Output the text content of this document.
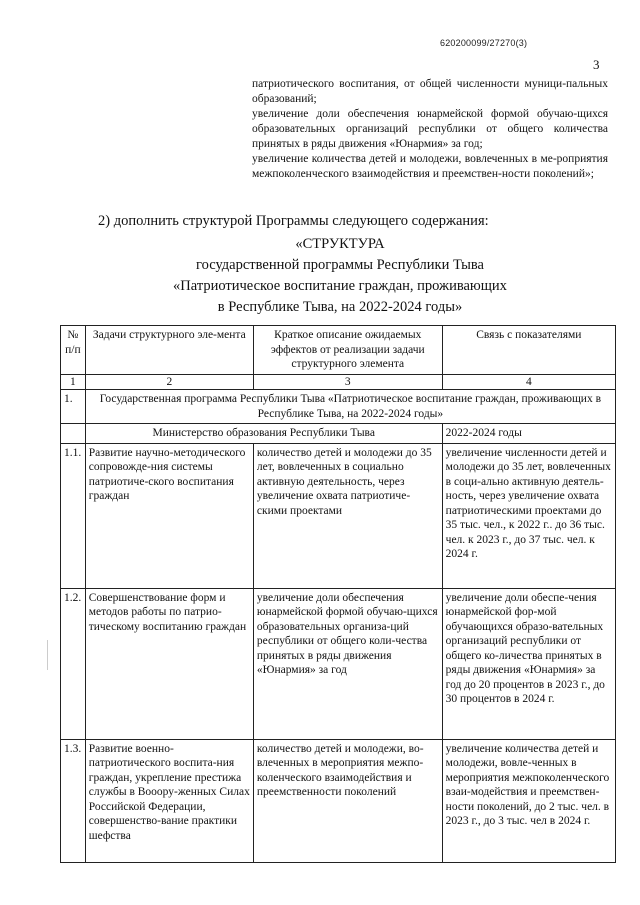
620200099/27270(3)
3

патриотического воспитания, от общей численности муници-пальных образований;

увеличение доли обеспечения юнармейской формой обучаю-щихся образовательных организаций республики от общего количества принятых в ряды движения «Юнармия» за год;

увеличение количества детей и молодежи, вовлеченных в ме-роприятия межпоколенческого взаимодействия и преемствен-ности поколений»;

2) дополнить структурой Программы следующего содержания:
«СТРУКТУРА
государственной программы Республики Тыва
«Патриотическое воспитание граждан, проживающих
в Республике Тыва, на 2022-2024 годы»
№ п/п	Задачи структурного эле-мента	Краткое описание ожидаемых эффектов от реализации задачи структурного элемента	Связь с показателями
1	2	3	4
1.	Государственная программа Республики Тыва «Патриотическое воспитание граждан, проживающих в Республике Тыва, на 2022-2024 годы»		
	Министерство образования Республики Тыва		2022-2024 годы
1.1.	Развитие научно-методического сопровожде-ния системы патриотиче-ского воспитания граждан	количество детей и молодежи до 35 лет, вовлеченных в социально активную деятельность, через увеличение охвата патриотиче-скими проектами	увеличение численности детей и молодежи до 35 лет, вовлеченных в соци-ально активную деятель-ность, через увеличение охвата патриотическими проектами до 35 тыс. чел., к 2022 г.. до 36 тыс. чел. к 2023 г., до 37 тыс. чел. к 2024 г.
1.2.	Совершенствование форм и методов работы по патрио-тическому воспитанию граждан	увеличение доли обеспечения юнармейской формой обучаю-щихся образовательных организа-ций республики от общего коли-чества принятых в ряды движения «Юнармия» за год	увеличение доли обеспе-чения юнармейской фор-мой обучающихся образо-вательных организаций республики от общего ко-личества принятых в ряды движения «Юнармия» за год до 20 процентов в 2023 г., до 30 процентов в 2024 г.
1.3.	Развитие военно-патриотического воспита-ния граждан, укрепление престижа службы в Вооору-женных Силах Российской Федерации, совершенство-вание практики шефства	количество детей и молодежи, во-влеченных в мероприятия межпо-коленческого взаимодействия и преемственности поколений	увеличение количества детей и молодежи, вовле-ченных в мероприятия межпоколенческого взаи-модействия и преемствен-ности поколений, до 2 тыс. чел. в 2023 г., до 3 тыс. чел в 2024 г.
